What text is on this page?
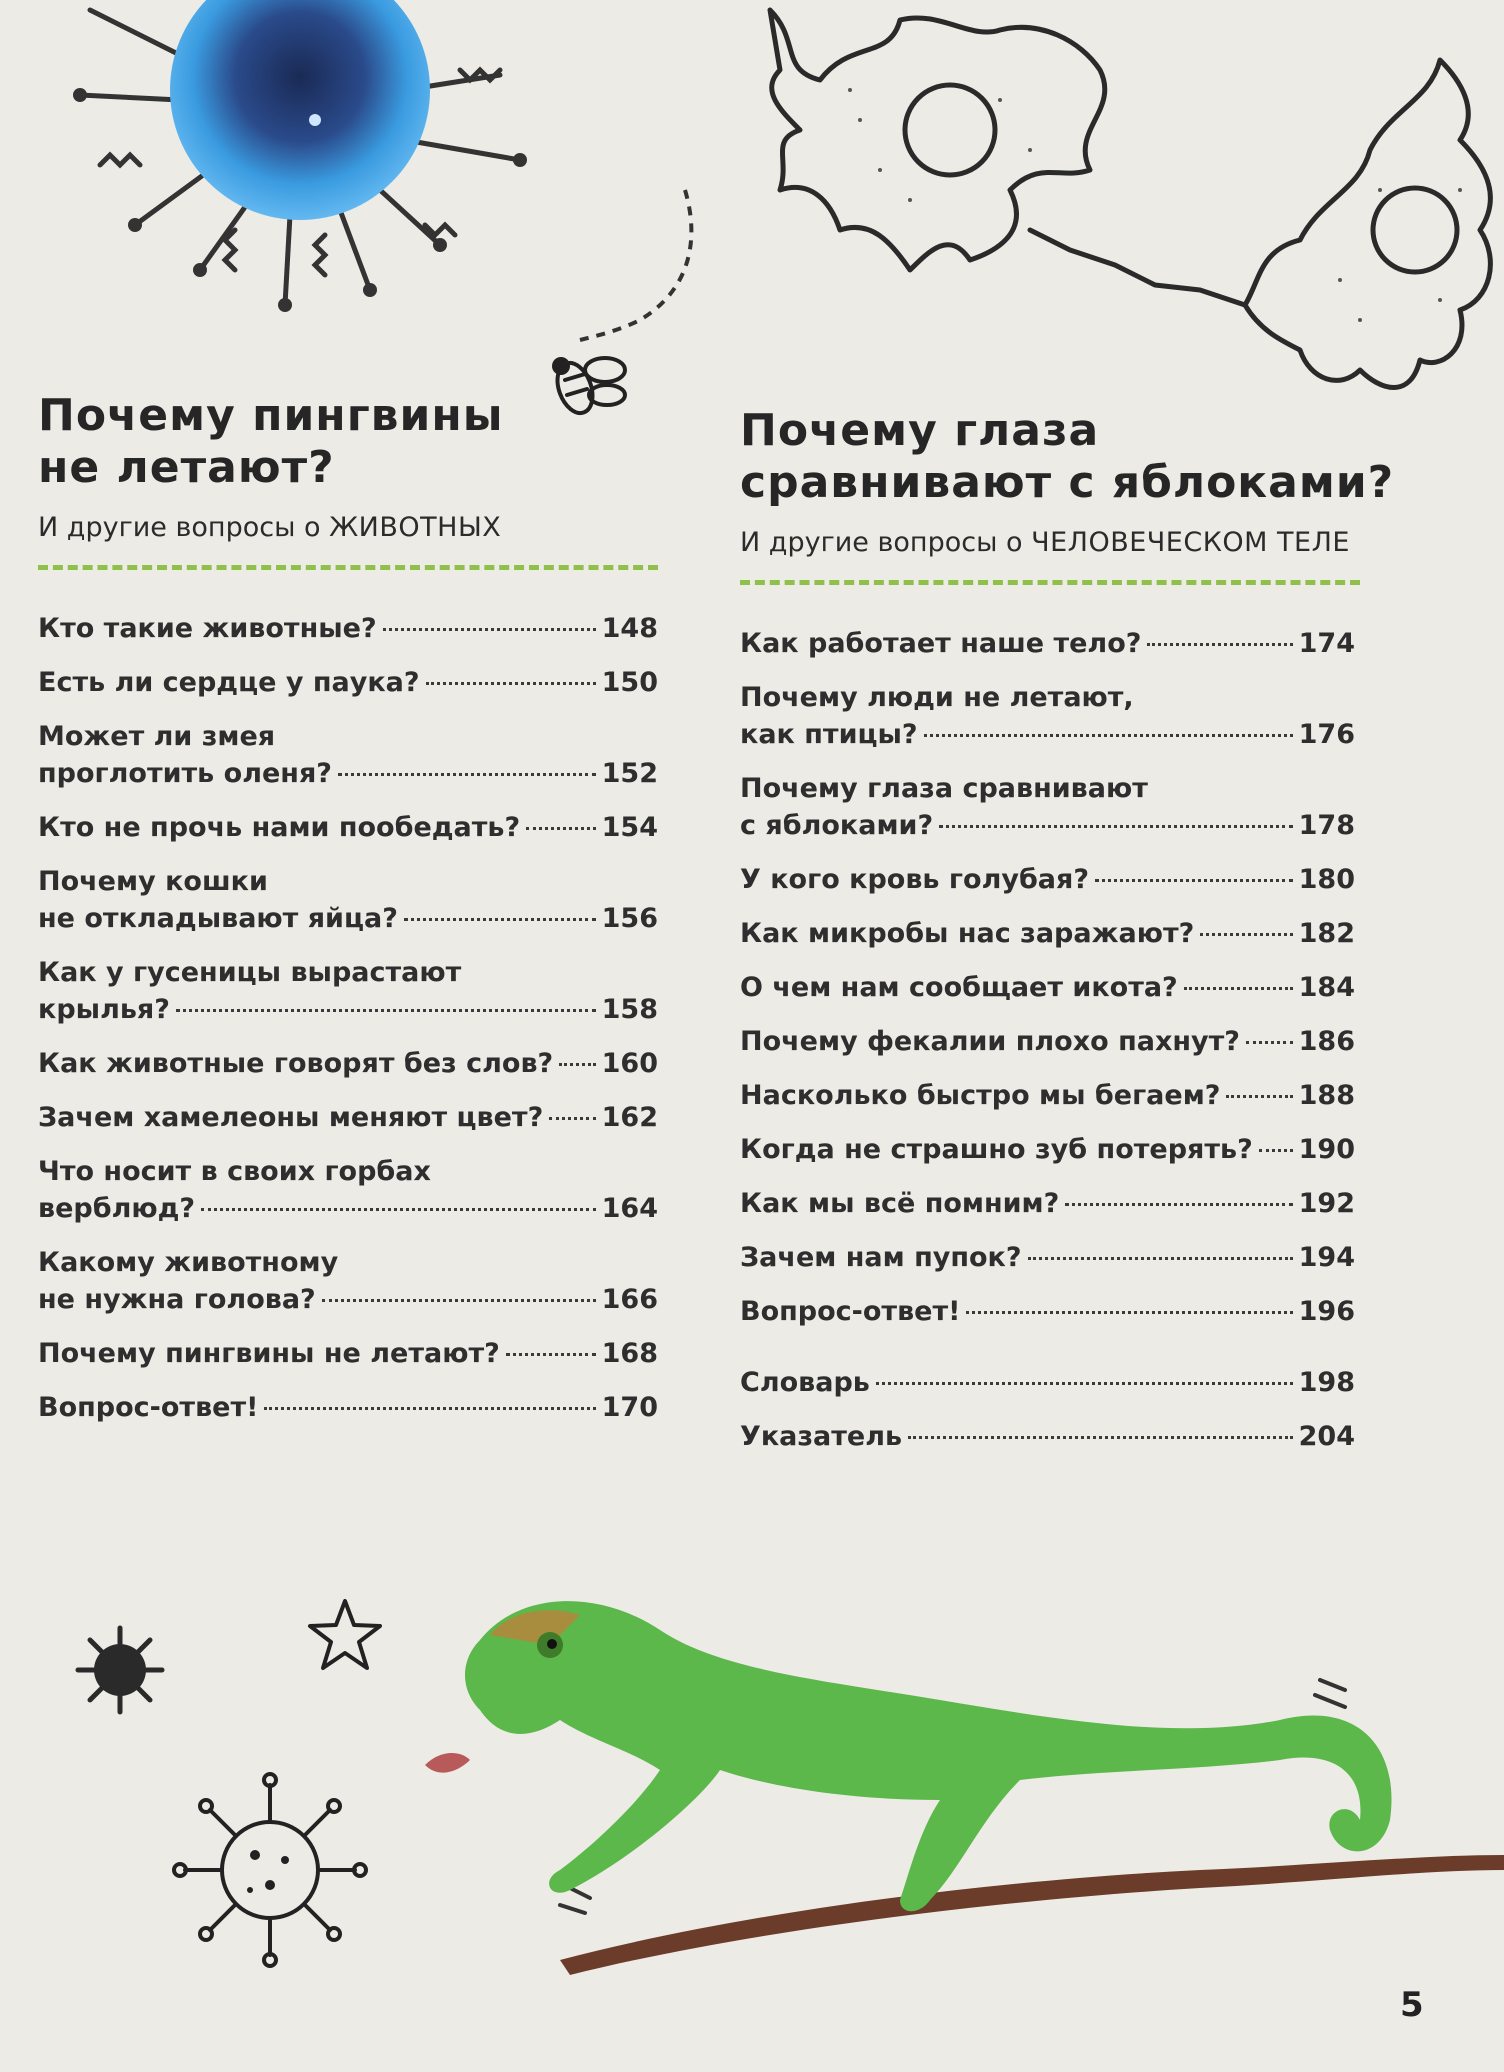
Почему пингвины
не летают?
И другие вопросы о ЖИВОТНЫХ
Кто такие животные?	148
Есть ли сердце у паука?	150
Может ли змея
проглотить оленя?	152
Кто не прочь нами пообедать?	154
Почему кошки
не откладывают яйца?	156
Как у гусеницы вырастают
крылья?	158
Как животные говорят без слов? 160
Зачем хамелеоны меняют цвет? 162
Что носит в своих горбах
верблюд?	164
Какому животному
не нужна голова?	166
Почему пингвины не летают?	168
Вопрос-ответ!	170
Почему глаза
сравнивают с яблоками?
И другие вопросы о ЧЕЛОВЕЧЕСКОМ ТЕЛЕ
Как работает наше тело?	174
Почему люди не летают,
как птицы?	176
Почему глаза сравнивают
с яблоками?	178
У кого кровь голубая?	180
Как микробы нас заражают?	182
О чем нам сообщает икота?	184
Почему фекалии плохо пахнут? 186
Насколько быстро мы бегаем?	188
Когда не страшно зуб потерять? 190
Как мы всё помним?	192
Зачем нам пупок?	194
Вопрос-ответ!	196
Словарь	198
Указатель	204
5
